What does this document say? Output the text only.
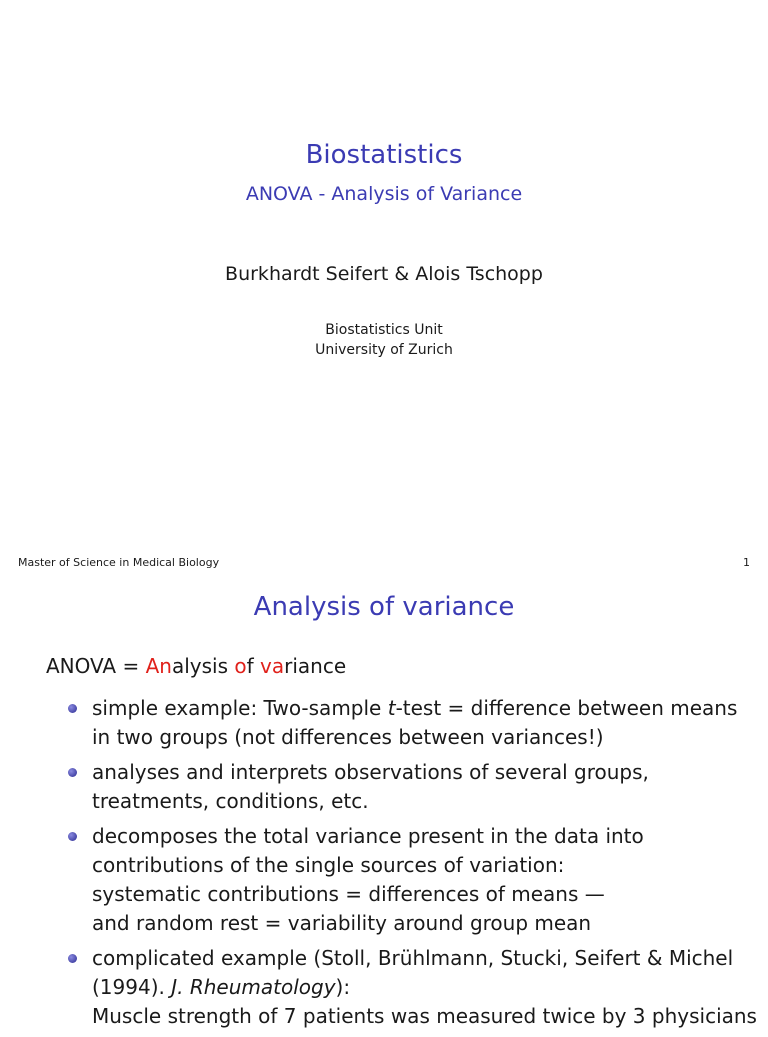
Biostatistics
ANOVA - Analysis of Variance
Burkhardt Seifert & Alois Tschopp
Biostatistics Unit
University of Zurich
Master of Science in Medical Biology	1
Analysis of variance
ANOVA = Analysis of variance
simple example: Two-sample t-test = difference between means
in two groups (not differences between variances!)
analyses and interprets observations of several groups,
treatments, conditions, etc.
decomposes the total variance present in the data into
contributions of the single sources of variation:
systematic contributions = differences of means —
and random rest = variability around group mean
complicated example (Stoll, Brühlmann, Stucki, Seifert & Michel
(1994). J. Rheumatology):
Muscle strength of 7 patients was measured twice by 3 physicians
